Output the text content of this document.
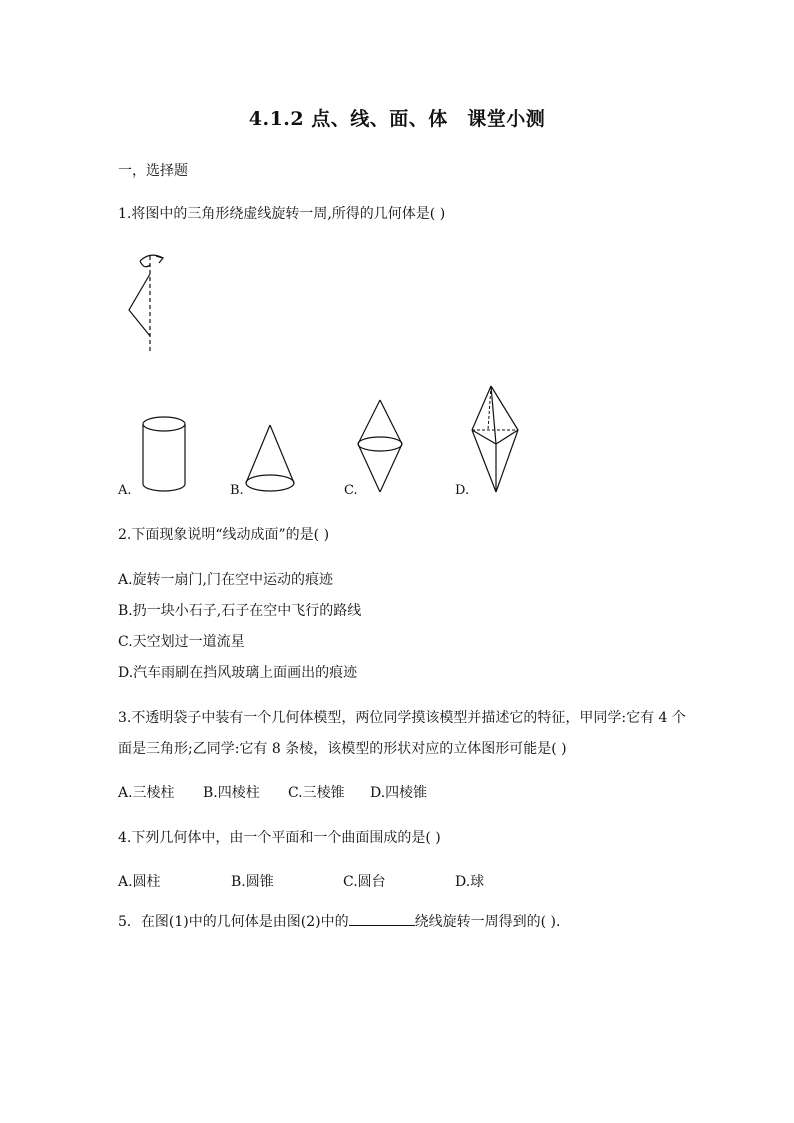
4.1.2 点、线、面、体　课堂小测
一，选择题
1.将图中的三角形绕虚线旋转一周,所得的几何体是( )
A.	B.	C.	D.
2.下面现象说明“线动成面”的是( )
A.旋转一扇门,门在空中运动的痕迹
B.扔一块小石子,石子在空中飞行的路线
C.天空划过一道流星
D.汽车雨刷在挡风玻璃上面画出的痕迹
3.不透明袋子中装有一个几何体模型，两位同学摸该模型并描述它的特征，甲同学:它有 4 个
面是三角形;乙同学:它有 8 条棱，该模型的形状对应的立体图形可能是( )
A.三棱柱 B.四棱柱 C.三棱锥 D.四棱锥
4.下列几何体中，由一个平面和一个曲面围成的是( )
A.圆柱	B.圆锥	C.圆台	D.球
5．在图(1)中的几何体是由图(2)中的	绕线旋转一周得到的( )．
